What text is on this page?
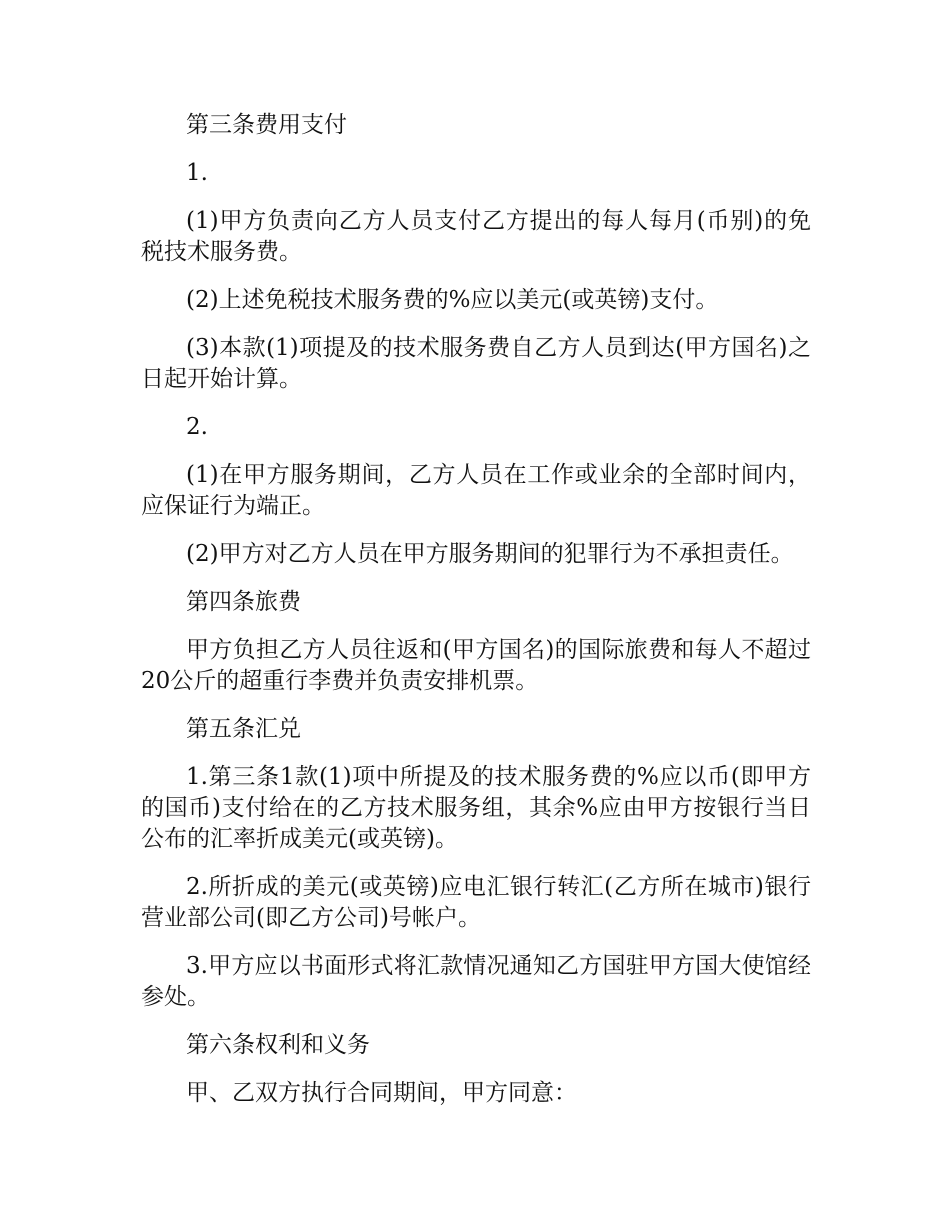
第三条费用支付

1.

(1)甲方负责向乙方人员支付乙方提出的每人每月(币别)的免税技术服务费。

(2)上述免税技术服务费的%应以美元(或英镑)支付。

(3)本款(1)项提及的技术服务费自乙方人员到达(甲方国名)之日起开始计算。

2.

(1)在甲方服务期间，乙方人员在工作或业余的全部时间内，应保证行为端正。

(2)甲方对乙方人员在甲方服务期间的犯罪行为不承担责任。

第四条旅费

甲方负担乙方人员往返和(甲方国名)的国际旅费和每人不超过20公斤的超重行李费并负责安排机票。

第五条汇兑

1.第三条1款(1)项中所提及的技术服务费的%应以币(即甲方的国币)支付给在的乙方技术服务组，其余%应由甲方按银行当日公布的汇率折成美元(或英镑)。

2.所折成的美元(或英镑)应电汇银行转汇(乙方所在城市)银行营业部公司(即乙方公司)号帐户。

3.甲方应以书面形式将汇款情况通知乙方国驻甲方国大使馆经参处。

第六条权利和义务

甲、乙双方执行合同期间，甲方同意：
